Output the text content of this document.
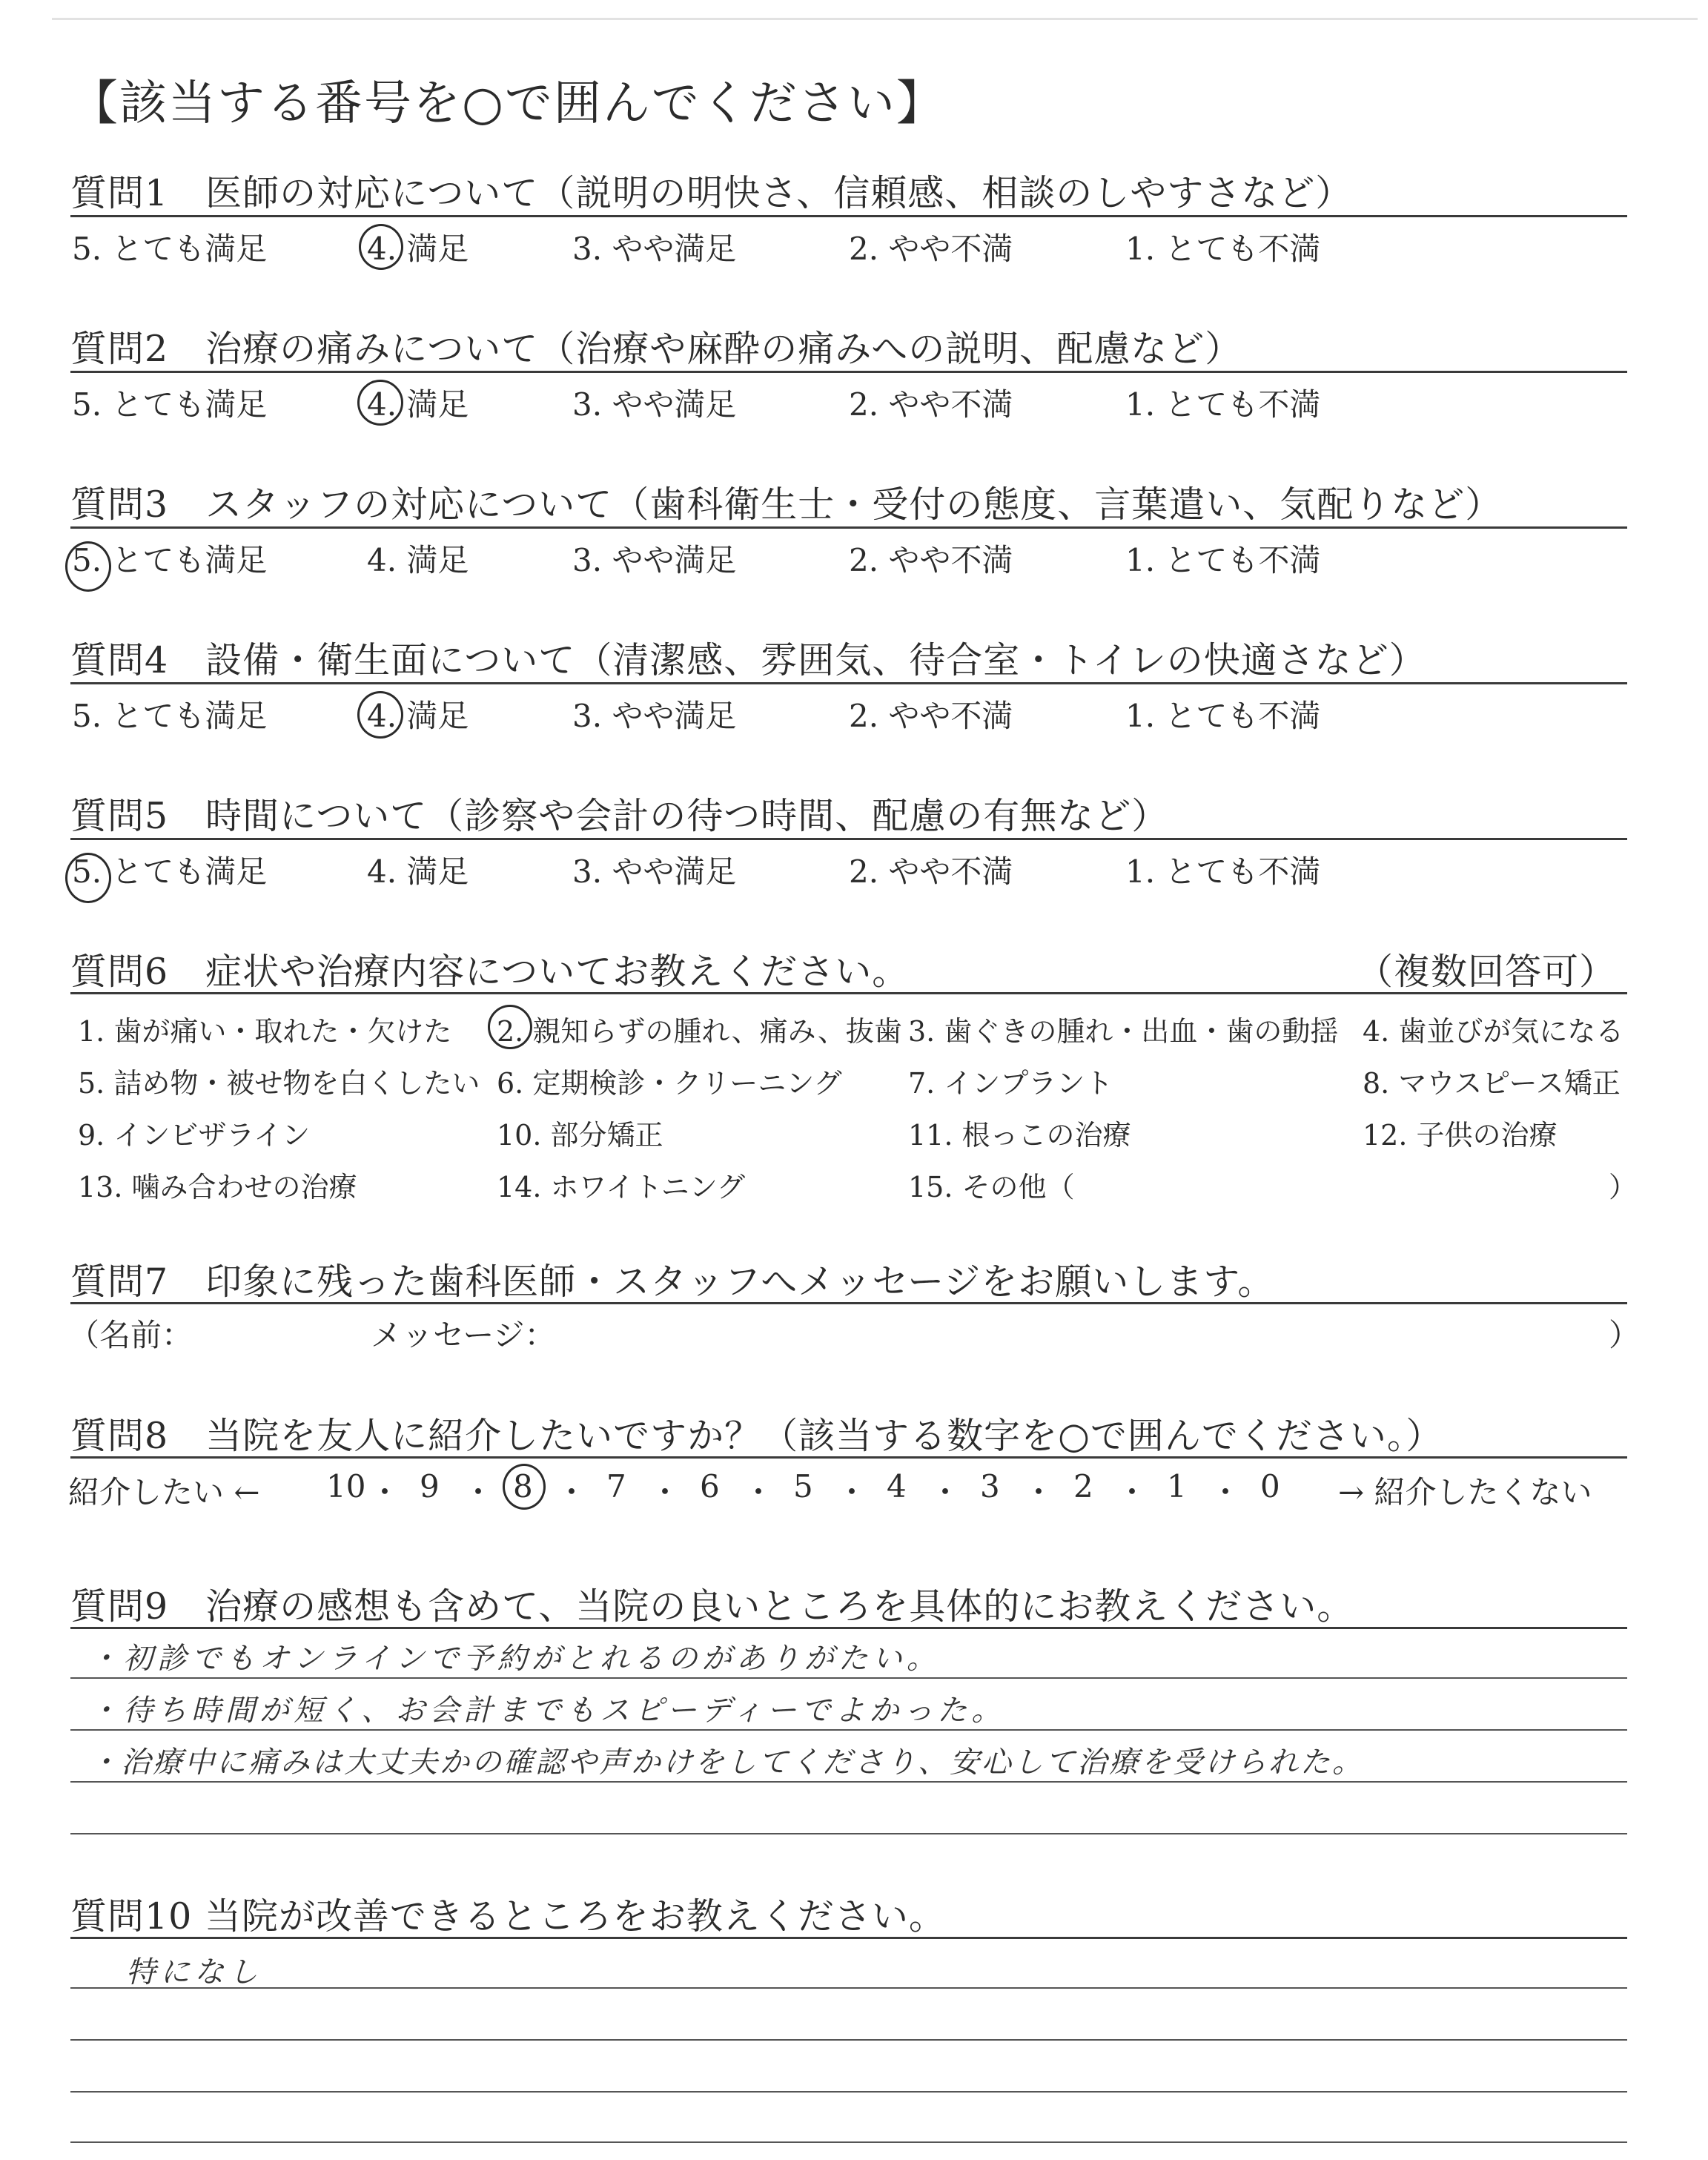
【該当する番号を○で囲んでください】
質問1　医師の対応について（説明の明快さ、信頼感、相談のしやすさなど）
5. とても満足	4. 満足	3. やや満足	2. やや不満	1. とても不満
質問2　治療の痛みについて（治療や麻酔の痛みへの説明、配慮など）
5. とても満足	4. 満足	3. やや満足	2. やや不満	1. とても不満
質問3　スタッフの対応について（歯科衛生士・受付の態度、言葉遣い、気配りなど）
5. とても満足	4. 満足	3. やや満足	2. やや不満	1. とても不満
質問4　設備・衛生面について（清潔感、雰囲気、待合室・トイレの快適さなど）
5. とても満足	4. 満足	3. やや満足	2. やや不満	1. とても不満
質問5　時間について（診察や会計の待つ時間、配慮の有無など）
5. とても満足	4. 満足	3. やや満足	2. やや不満	1. とても不満
質問6　症状や治療内容についてお教えください。	（複数回答可）
1. 歯が痛い・取れた・欠けた 2. 親知らずの腫れ、痛み、抜歯 3. 歯ぐきの腫れ・出血・歯の動揺 4. 歯並びが気になる
5. 詰め物・被せ物を白くしたい 6. 定期検診・クリーニング 7. インプラント	8. マウスピース矯正
9. インビザライン	10. 部分矯正	11. 根っこの治療	12. 子供の治療
13. 噛み合わせの治療	14. ホワイトニング	15. その他（	）
質問7　印象に残った歯科医師・スタッフへメッセージをお願いします。
（名前：	メッセージ：	）
質問8　当院を友人に紹介したいですか？（該当する数字を○で囲んでください。）
紹介したい ←	→ 紹介したくない
10 ・ 9 ・ 8 ・ 7 ・ 6 ・ 5 ・ 4 ・ 3 ・ 2 ・ 1 ・ 0
質問9　治療の感想も含めて、当院の良いところを具体的にお教えください。
・初診でもオンラインで予約がとれるのがありがたい。
・待ち時間が短く、お会計までもスピーディーでよかった。
・治療中に痛みは大丈夫かの確認や声かけをしてくださり、安心して治療を受けられた。
質問10 当院が改善できるところをお教えください。
特になし
